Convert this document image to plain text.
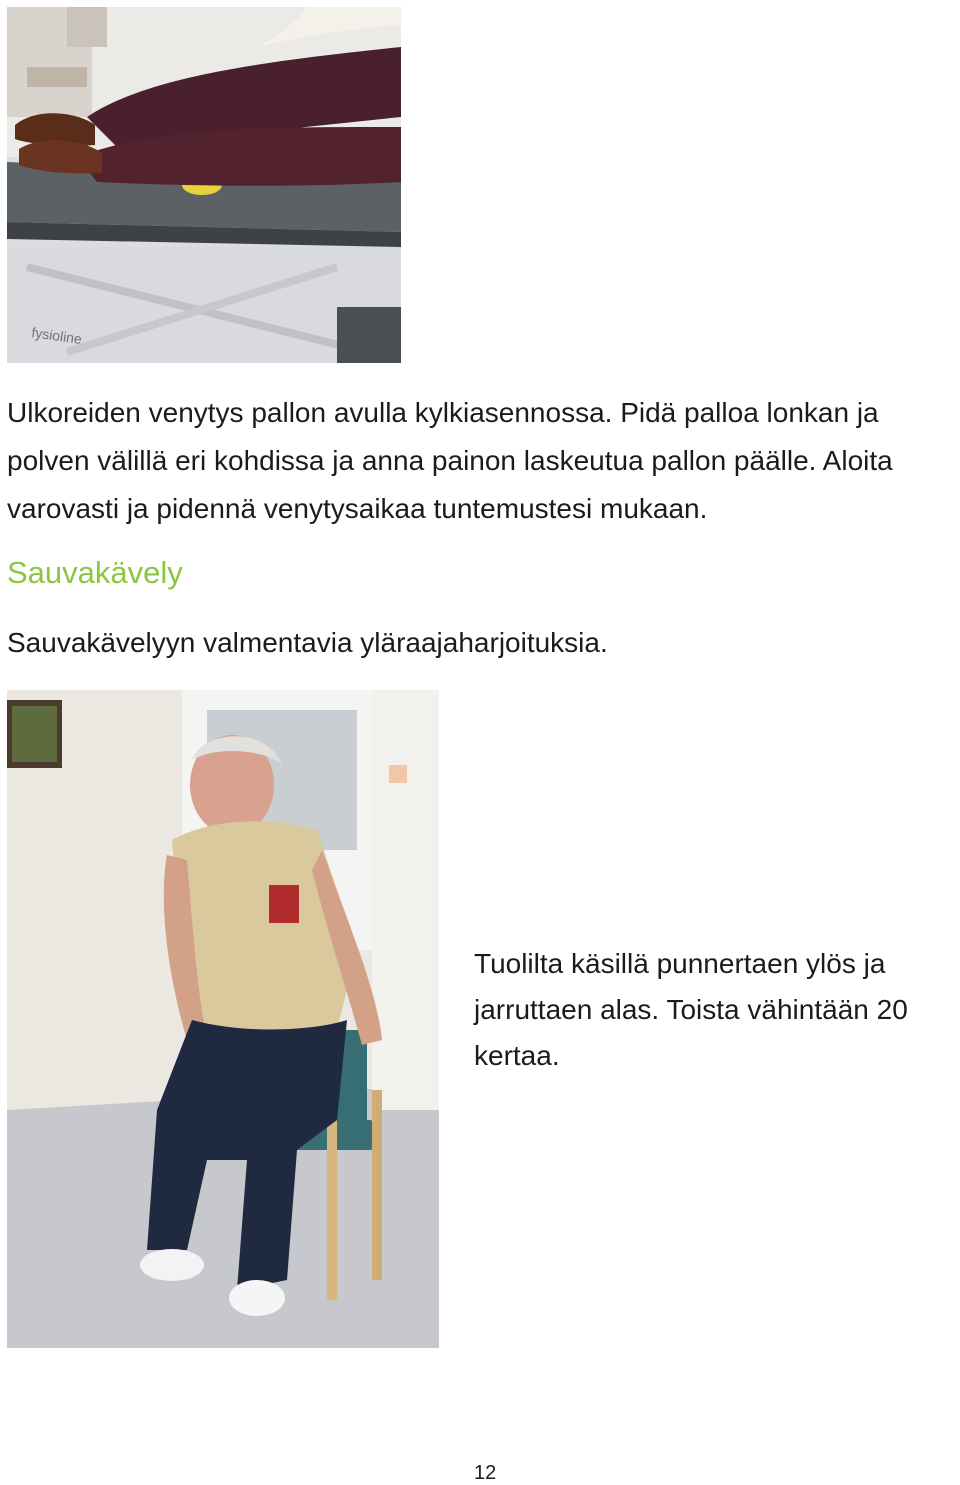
fysioline

Ulkoreiden venytys pallon avulla kylkiasennossa. Pidä palloa lonkan ja polven välillä eri kohdissa ja anna painon laskeutua pallon päälle. Aloita varovasti ja pidennä venytysaikaa tuntemustesi mukaan.

Sauvakävely

Sauvakävelyyn valmentavia yläraajaharjoituksia.

Tuolilta käsillä punnertaen ylös ja jarruttaen alas. Toista vähintään 20 kertaa.

12
